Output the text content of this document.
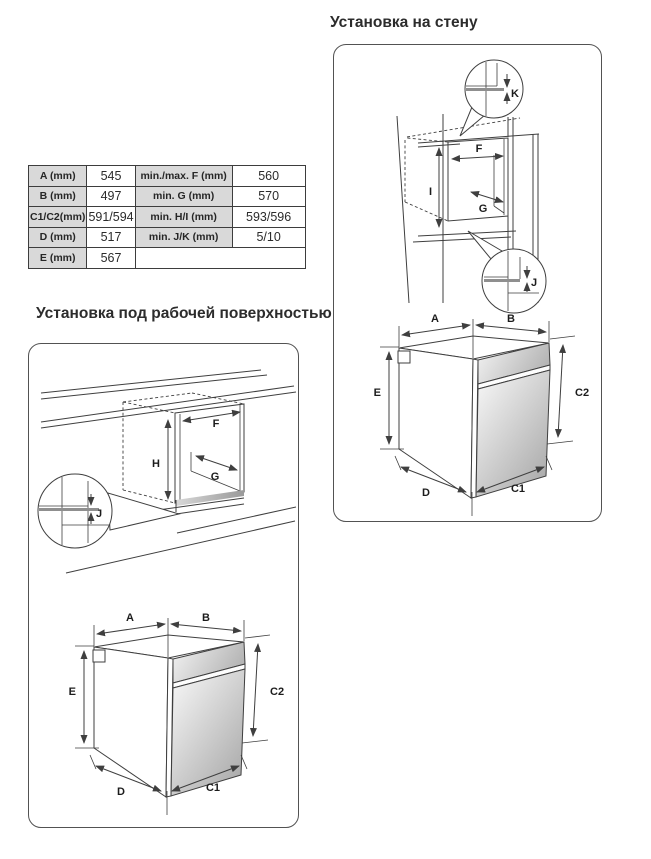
A (mm)	545	min./max. F (mm)	560
B (mm)	497	min. G (mm)	570
C1/C2(mm)	591/594	min. H/I (mm)	593/596
D (mm)	517	min. J/K (mm)	5/10
E (mm)	567		
Установка на стену
Установка под рабочей поверхностью
H
F
G
J
I
F
G
K
J
